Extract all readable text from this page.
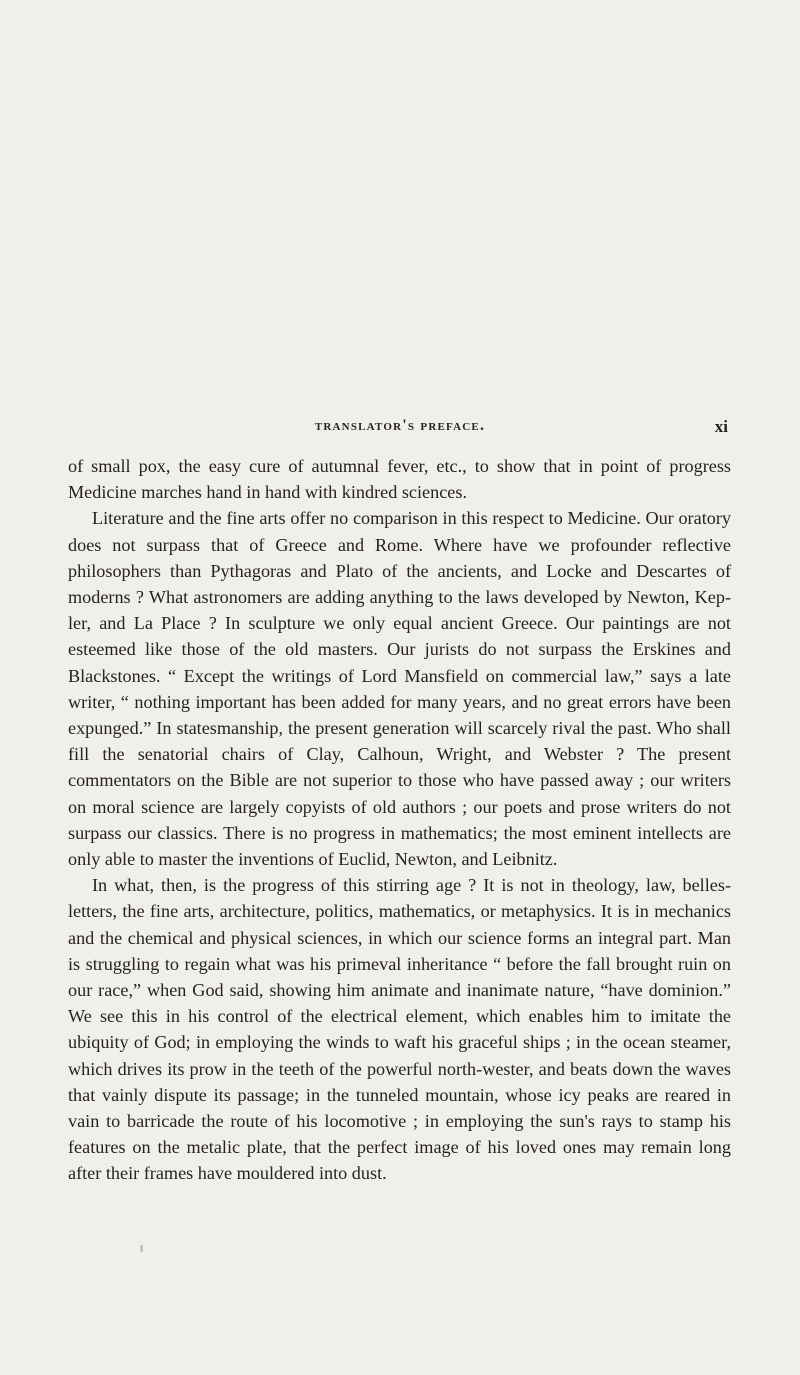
translator's preface.	xi

of small pox, the easy cure of autumnal fever, etc., to show that in point of progress Medicine marches hand in hand with kindred sciences.

Literature and the fine arts offer no comparison in this respect to Medicine. Our oratory does not surpass that of Greece and Rome. Where have we profounder reflective philosophers than Pythagoras and Plato of the ancients, and Locke and Descartes of moderns ? What astronomers are adding anything to the laws developed by Newton, Kepler, and La Place ? In sculpture we only equal ancient Greece. Our paintings are not esteemed like those of the old masters. Our jurists do not surpass the Erskines and Blackstones. “ Except the writings of Lord Mansfield on commercial law,” says a late writer, “ nothing important has been added for many years, and no great errors have been expunged.” In statesmanship, the present generation will scarcely rival the past. Who shall fill the senatorial chairs of Clay, Calhoun, Wright, and Webster ? The present commentators on the Bible are not superior to those who have passed away ; our writers on moral science are largely copyists of old authors ; our poets and prose writers do not surpass our classics. There is no progress in mathematics; the most eminent intellects are only able to master the inventions of Euclid, Newton, and Leibnitz.

In what, then, is the progress of this stirring age ? It is not in theology, law, belles-letters, the fine arts, architecture, politics, mathematics, or metaphysics. It is in mechanics and the chemical and physical sciences, in which our science forms an integral part. Man is struggling to regain what was his primeval inheritance “ before the fall brought ruin on our race,” when God said, showing him animate and inanimate nature, “have dominion.” We see this in his control of the electrical element, which enables him to imitate the ubiquity of God; in employing the winds to waft his graceful ships ; in the ocean steamer, which drives its prow in the teeth of the powerful north-wester, and beats down the waves that vainly dispute its passage; in the tunneled mountain, whose icy peaks are reared in vain to barricade the route of his locomotive ; in employing the sun's rays to stamp his features on the metalic plate, that the perfect image of his loved ones may remain long after their frames have mouldered into dust.
